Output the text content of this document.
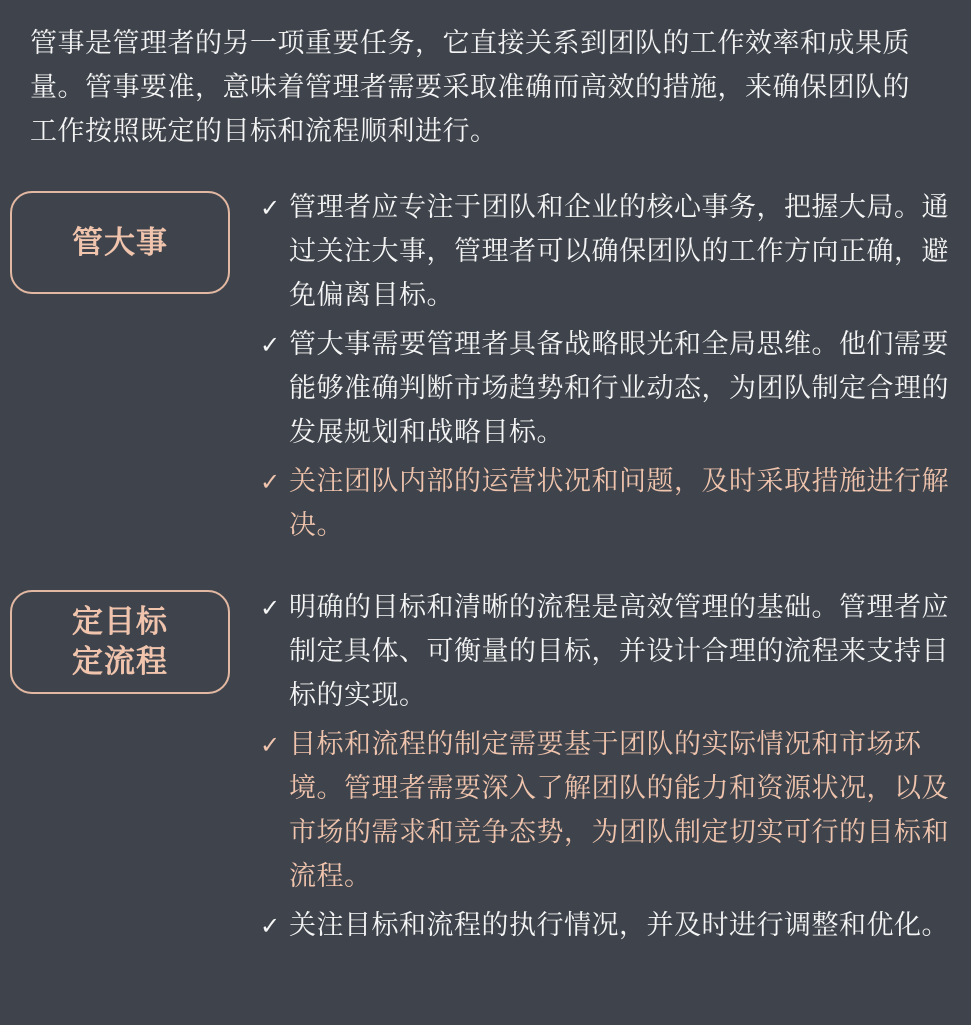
管事是管理者的另一项重要任务，它直接关系到团队的工作效率和成果质量。管事要准，意味着管理者需要采取准确而高效的措施，来确保团队的工作按照既定的目标和流程顺利进行。
管大事
✓ 管理者应专注于团队和企业的核心事务，把握大局。通过关注大事，管理者可以确保团队的工作方向正确，避免偏离目标。
✓ 管大事需要管理者具备战略眼光和全局思维。他们需要能够准确判断市场趋势和行业动态，为团队制定合理的发展规划和战略目标。
✓ 关注团队内部的运营状况和问题，及时采取措施进行解决。
定目标
定流程
✓ 明确的目标和清晰的流程是高效管理的基础。管理者应制定具体、可衡量的目标，并设计合理的流程来支持目标的实现。
✓ 目标和流程的制定需要基于团队的实际情况和市场环境。管理者需要深入了解团队的能力和资源状况，以及市场的需求和竞争态势，为团队制定切实可行的目标和流程。
✓ 关注目标和流程的执行情况，并及时进行调整和优化。
